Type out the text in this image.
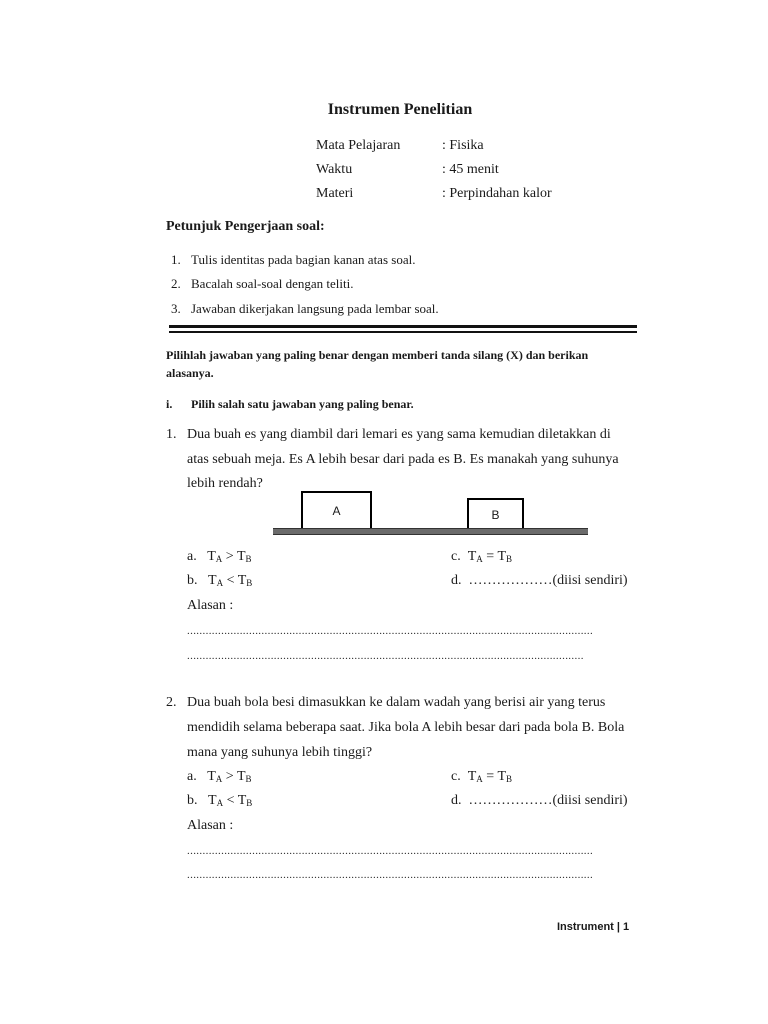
Instrumen Penelitian
Mata Pelajaran	: Fisika
Waktu	: 45 menit
Materi	: Perpindahan kalor
Petunjuk Pengerjaan soal:
1. Tulis identitas pada bagian kanan atas soal.
2. Bacalah soal-soal dengan teliti.
3. Jawaban dikerjakan langsung pada lembar soal.
Pilihlah jawaban yang paling benar dengan memberi tanda silang (X) dan berikan
alasanya.
i. Pilih salah satu jawaban yang paling benar.
1. Dua buah es yang diambil dari lemari es yang sama kemudian diletakkan di
atas sebuah meja. Es A lebih besar dari pada es B. Es manakah yang suhunya
lebih rendah?
A	B
a. $T_A > T_B$	c. $T_A = T_B$
b. $T_A < T_B$	d. ………………(diisi sendiri)
Alasan :
...................................................................................................................................
................................................................................................................................
2. Dua buah bola besi dimasukkan ke dalam wadah yang berisi air yang terus
mendidih selama beberapa saat. Jika bola A lebih besar dari pada bola B. Bola
mana yang suhunya lebih tinggi?
a. $T_A > T_B$	c. $T_A = T_B$
b. $T_A < T_B$	d. ………………(diisi sendiri)
Alasan :
...................................................................................................................................
...................................................................................................................................
Instrument | 1
